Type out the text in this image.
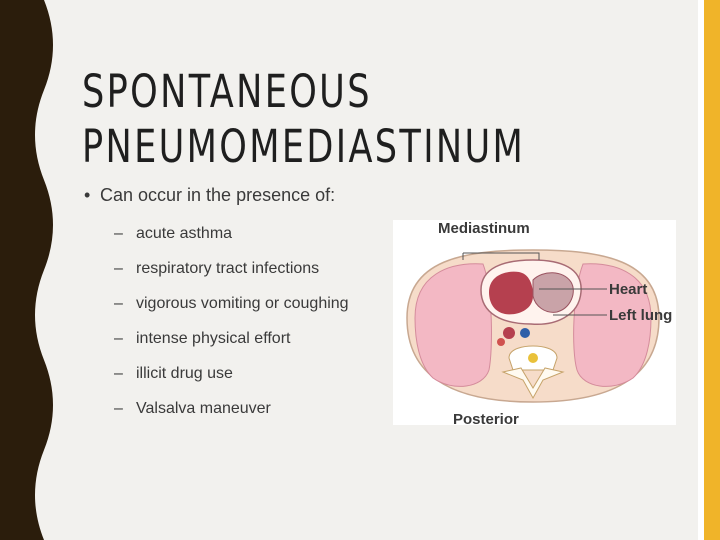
SPONTANEOUS
PNEUMOMEDIASTINUM
• Can occur in the presence of:
– acute asthma
– respiratory tract infections
– vigorous vomiting or coughing
– intense physical effort
– illicit drug use
– Valsalva maneuver
Mediastinum
Heart
Left lung
Posterior
